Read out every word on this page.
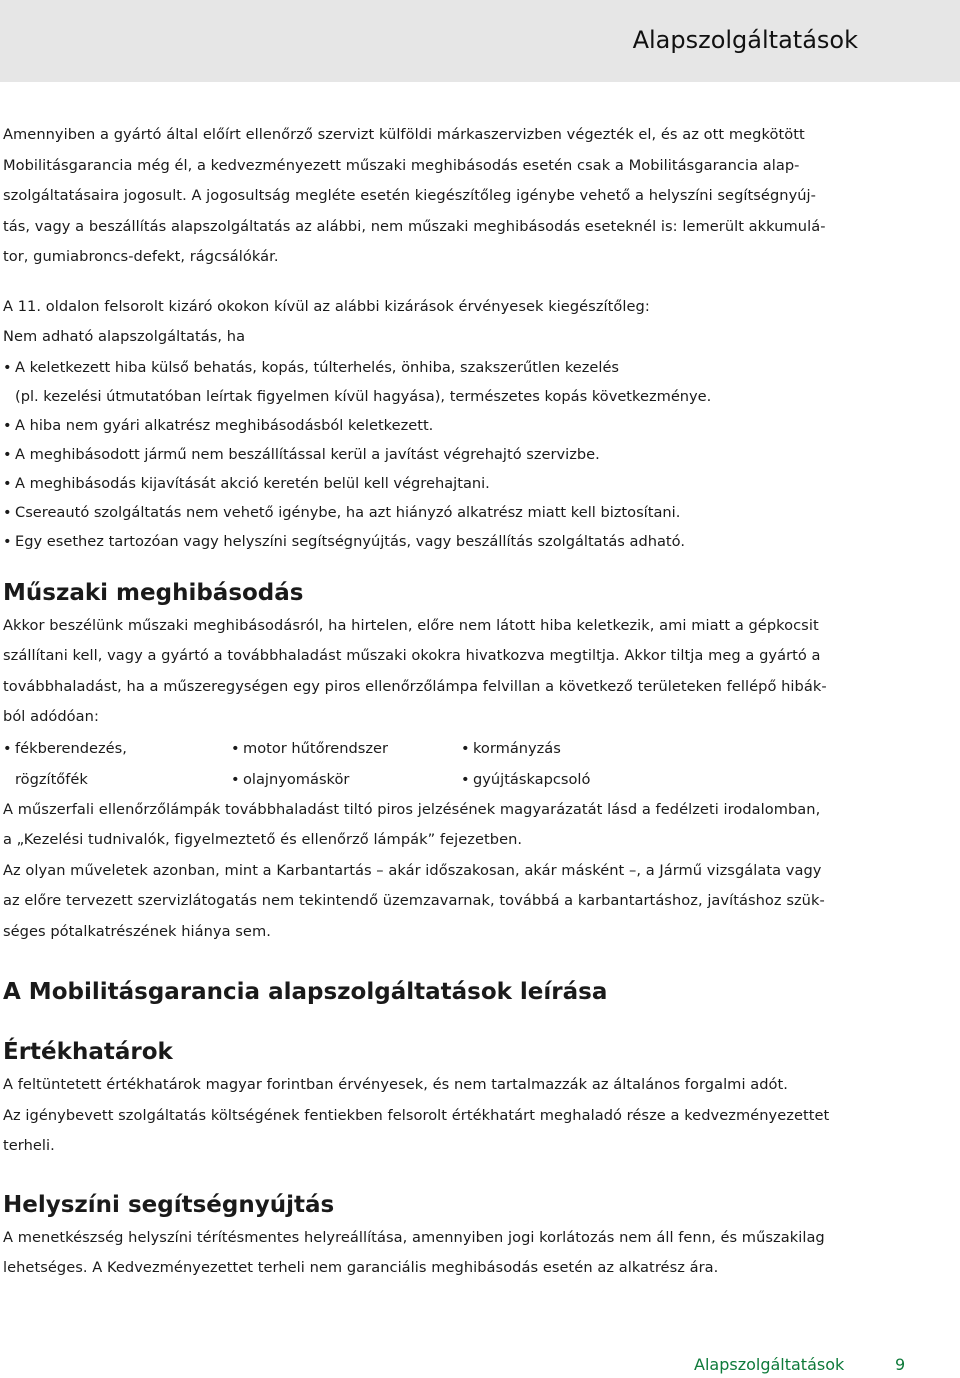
Alapszolgáltatások

Amennyiben a gyártó által előírt ellenőrző szervizt külföldi márkaszervizben végezték el, és az ott megkötött

Mobilitásgarancia még él, a kedvezményezett műszaki meghibásodás esetén csak a Mobilitásgarancia alap-

szolgáltatásaira jogosult. A jogosultság megléte esetén kiegészítőleg igénybe vehető a helyszíni segítségnyúj-

tás, vagy a beszállítás alapszolgáltatás az alábbi, nem műszaki meghibásodás eseteknél is: lemerült akkumulá-

tor, gumiabroncs-defekt, rágcsálókár.

A 11. oldalon felsorolt kizáró okokon kívül az alábbi kizárások érvényesek kiegészítőleg:

Nem adható alapszolgáltatás, ha

• A keletkezett hiba külső behatás, kopás, túlterhelés, önhiba, szakszerűtlen kezelés
(pl. kezelési útmutatóban leírtak figyelmen kívül hagyása), természetes kopás következménye.
• A hiba nem gyári alkatrész meghibásodásból keletkezett.
• A meghibásodott jármű nem beszállítással kerül a javítást végrehajtó szervizbe.
• A meghibásodás kijavítását akció keretén belül kell végrehajtani.
• Csereautó szolgáltatás nem vehető igénybe, ha azt hiányzó alkatrész miatt kell biztosítani.
• Egy esethez tartozóan vagy helyszíni segítségnyújtás, vagy beszállítás szolgáltatás adható.
Műszaki meghibásodás

Akkor beszélünk műszaki meghibásodásról, ha hirtelen, előre nem látott hiba keletkezik, ami miatt a gépkocsit

szállítani kell, vagy a gyártó a továbbhaladást műszaki okokra hivatkozva megtiltja. Akkor tiltja meg a gyártó a

továbbhaladást, ha a műszeregységen egy piros ellenőrzőlámpa felvillan a következő területeken fellépő hibák-

ból adódóan:

• fékberendezés,	• motor hűtőrendszer	• kormányzás
rögzítőfék	• olajnyomáskör	• gyújtáskapcsoló

A műszerfali ellenőrzőlámpák továbbhaladást tiltó piros jelzésének magyarázatát lásd a fedélzeti irodalomban,

a „Kezelési tudnivalók, figyelmeztető és ellenőrző lámpák” fejezetben.

Az olyan műveletek azonban, mint a Karbantartás – akár időszakosan, akár másként –, a Jármű vizsgálata vagy

az előre tervezett szervizlátogatás nem tekintendő üzemzavarnak, továbbá a karbantartáshoz, javításhoz szük-

séges pótalkatrészének hiánya sem.

A Mobilitásgarancia alapszolgáltatások leírása
Értékhatárok

A feltüntetett értékhatárok magyar forintban érvényesek, és nem tartalmazzák az általános forgalmi adót.

Az igénybevett szolgáltatás költségének fentiekben felsorolt értékhatárt meghaladó része a kedvezményezettet

terheli.

Helyszíni segítségnyújtás

A menetkészség helyszíni térítésmentes helyreállítása, amennyiben jogi korlátozás nem áll fenn, és műszakilag

lehetséges. A Kedvezményezettet terheli nem garanciális meghibásodás esetén az alkatrész ára.

Alapszolgáltatások	9
